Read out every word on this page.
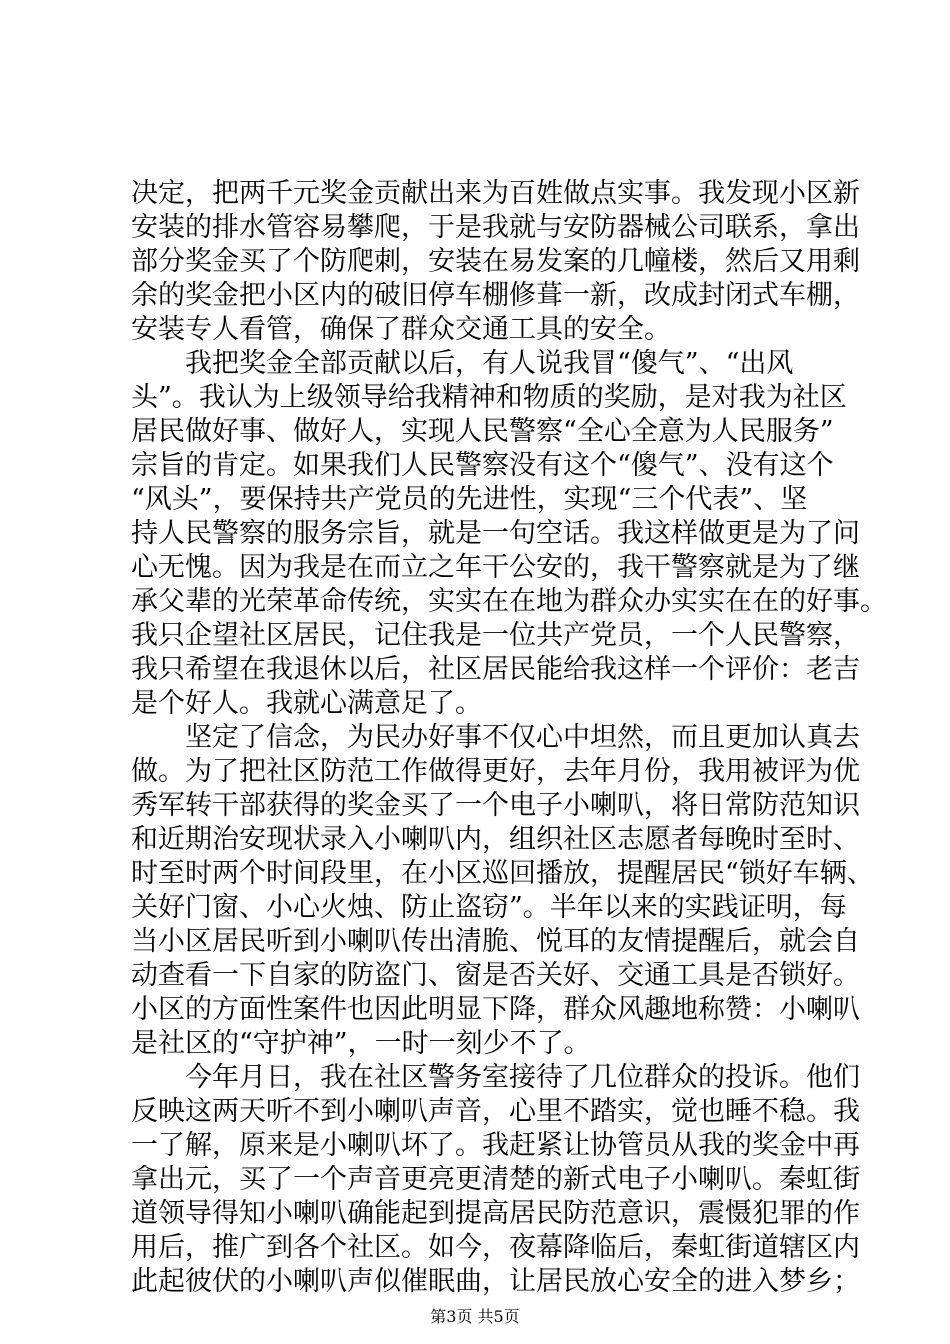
决定，把两千元奖金贡献出来为百姓做点实事。我发现小区新
安装的排水管容易攀爬，于是我就与安防器械公司联系，拿出
部分奖金买了个防爬刺，安装在易发案的几幢楼，然后又用剩
余的奖金把小区内的破旧停车棚修葺一新，改成封闭式车棚，
安装专人看管，确保了群众交通工具的安全。
我把奖金全部贡献以后，有人说我冒“傻气”、“出风
头”。我认为上级领导给我精神和物质的奖励，是对我为社区
居民做好事、做好人，实现人民警察“全心全意为人民服务”
宗旨的肯定。如果我们人民警察没有这个“傻气”、没有这个
“风头”，要保持共产党员的先进性，实现“三个代表”、坚
持人民警察的服务宗旨，就是一句空话。我这样做更是为了问
心无愧。因为我是在而立之年干公安的，我干警察就是为了继
承父辈的光荣革命传统，实实在在地为群众办实实在在的好事。
我只企望社区居民，记住我是一位共产党员，一个人民警察，
我只希望在我退休以后，社区居民能给我这样一个评价：老吉
是个好人。我就心满意足了。
坚定了信念，为民办好事不仅心中坦然，而且更加认真去
做。为了把社区防范工作做得更好，去年月份，我用被评为优
秀军转干部获得的奖金买了一个电子小喇叭，将日常防范知识
和近期治安现状录入小喇叭内，组织社区志愿者每晚时至时、
时至时两个时间段里，在小区巡回播放，提醒居民“锁好车辆、
关好门窗、小心火烛、防止盗窃”。半年以来的实践证明，每
当小区居民听到小喇叭传出清脆、悦耳的友情提醒后，就会自
动查看一下自家的防盗门、窗是否关好、交通工具是否锁好。
小区的方面性案件也因此明显下降，群众风趣地称赞：小喇叭
是社区的“守护神”，一时一刻少不了。
今年月日，我在社区警务室接待了几位群众的投诉。他们
反映这两天听不到小喇叭声音，心里不踏实，觉也睡不稳。我
一了解，原来是小喇叭坏了。我赶紧让协管员从我的奖金中再
拿出元，买了一个声音更亮更清楚的新式电子小喇叭。秦虹街
道领导得知小喇叭确能起到提高居民防范意识，震慑犯罪的作
用后，推广到各个社区。如今，夜幕降临后，秦虹街道辖区内
此起彼伏的小喇叭声似催眠曲，让居民放心安全的进入梦乡；
第3页 共5页
